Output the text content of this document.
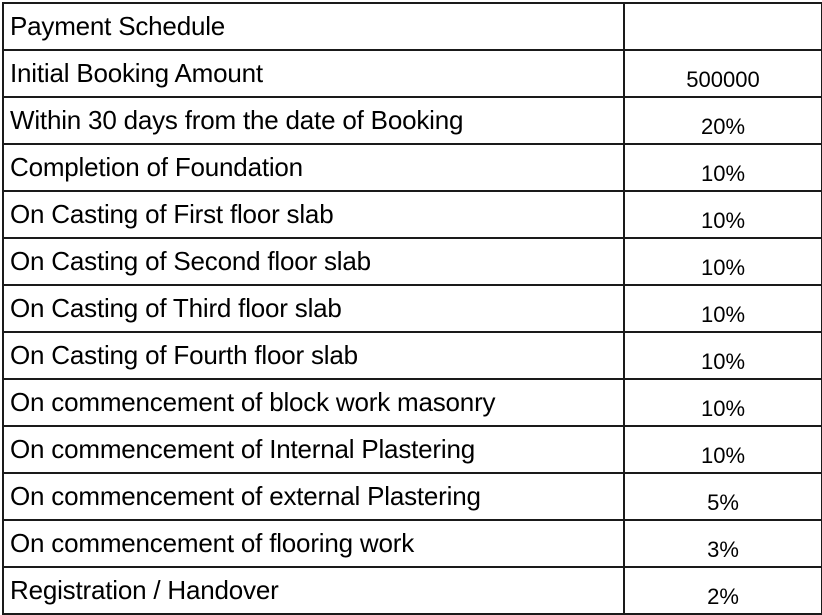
Payment Schedule	
Initial Booking Amount	500000
Within 30 days from the date of Booking	20%
Completion of Foundation	10%
On Casting of First floor slab	10%
On Casting of Second floor slab	10%
On Casting of Third floor slab	10%
On Casting of Fourth floor slab	10%
On commencement of block work masonry	10%
On commencement of Internal Plastering	10%
On commencement of external Plastering	5%
On commencement of flooring work	3%
Registration / Handover	2%
